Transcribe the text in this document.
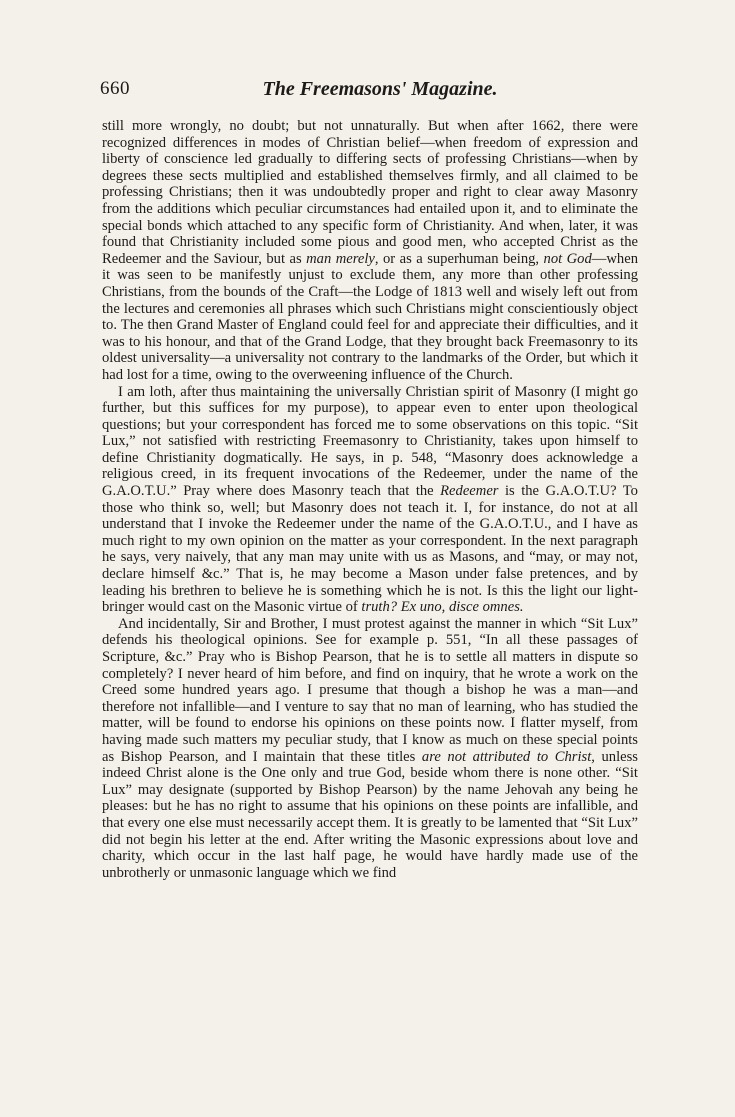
660	The Freemasons' Magazine.

still more wrongly, no doubt; but not unnaturally. But when after 1662, there were recognized differences in modes of Christian belief—when freedom of expression and liberty of conscience led gradually to differing sects of professing Christians—when by degrees these sects multiplied and established themselves firmly, and all claimed to be professing Christians; then it was undoubtedly proper and right to clear away Masonry from the additions which peculiar circumstances had entailed upon it, and to eliminate the special bonds which attached to any specific form of Christianity. And when, later, it was found that Christianity included some pious and good men, who accepted Christ as the Redeemer and the Saviour, but as man merely, or as a superhuman being, not God—when it was seen to be manifestly unjust to exclude them, any more than other professing Christians, from the bounds of the Craft—the Lodge of 1813 well and wisely left out from the lectures and ceremonies all phrases which such Christians might conscientiously object to. The then Grand Master of England could feel for and appreciate their difficulties, and it was to his honour, and that of the Grand Lodge, that they brought back Freemasonry to its oldest universality—a universality not contrary to the landmarks of the Order, but which it had lost for a time, owing to the overweening influence of the Church.

I am loth, after thus maintaining the universally Christian spirit of Masonry (I might go further, but this suffices for my purpose), to appear even to enter upon theological questions; but your correspondent has forced me to some observations on this topic. “Sit Lux,” not satisfied with restricting Freemasonry to Christianity, takes upon himself to define Christianity dogmatically. He says, in p. 548, “Masonry does acknowledge a religious creed, in its frequent invocations of the Redeemer, under the name of the G.A.O.T.U.” Pray where does Masonry teach that the Redeemer is the G.A.O.T.U? To those who think so, well; but Masonry does not teach it. I, for instance, do not at all understand that I invoke the Redeemer under the name of the G.A.O.T.U., and I have as much right to my own opinion on the matter as your correspondent. In the next paragraph he says, very naively, that any man may unite with us as Masons, and “may, or may not, declare himself &c.” That is, he may become a Mason under false pretences, and by leading his brethren to believe he is something which he is not. Is this the light our light-bringer would cast on the Masonic virtue of truth? Ex uno, disce omnes.

And incidentally, Sir and Brother, I must protest against the manner in which “Sit Lux” defends his theological opinions. See for example p. 551, “In all these passages of Scripture, &c.” Pray who is Bishop Pearson, that he is to settle all matters in dispute so completely? I never heard of him before, and find on inquiry, that he wrote a work on the Creed some hundred years ago. I presume that though a bishop he was a man—and therefore not infallible—and I venture to say that no man of learning, who has studied the matter, will be found to endorse his opinions on these points now. I flatter myself, from having made such matters my peculiar study, that I know as much on these special points as Bishop Pearson, and I maintain that these titles are not attributed to Christ, unless indeed Christ alone is the One only and true God, beside whom there is none other. “Sit Lux” may designate (supported by Bishop Pearson) by the name Jehovah any being he pleases: but he has no right to assume that his opinions on these points are infallible, and that every one else must necessarily accept them. It is greatly to be lamented that “Sit Lux” did not begin his letter at the end. After writing the Masonic expressions about love and charity, which occur in the last half page, he would have hardly made use of the unbrotherly or unmasonic language which we find
